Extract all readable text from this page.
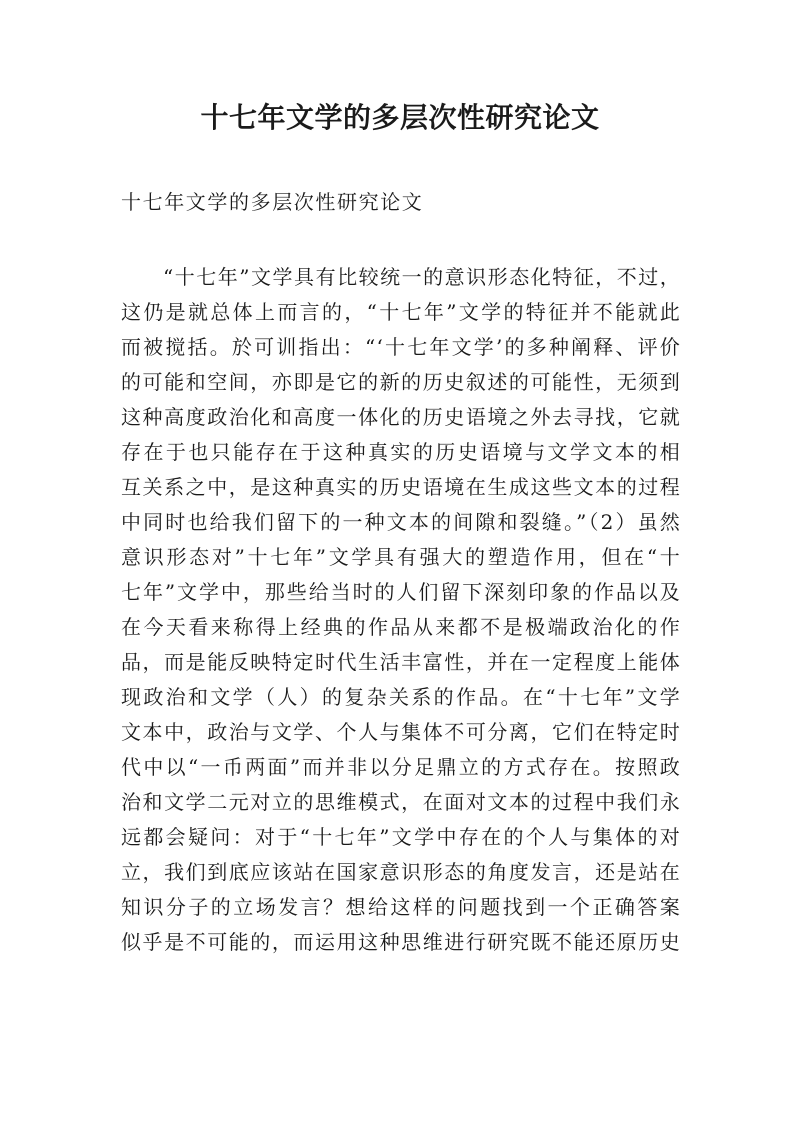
十七年文学的多层次性研究论文

十七年文学的多层次性研究论文

“十七年”文学具有比较统一的意识形态化特征，不过，
这仍是就总体上而言的，“十七年”文学的特征并不能就此
而被搅括。於可训指出：“‘十七年文学’的多种阐释、评价
的可能和空间，亦即是它的新的历史叙述的可能性，无须到
这种高度政治化和高度一体化的历史语境之外去寻找，它就
存在于也只能存在于这种真实的历史语境与文学文本的相
互关系之中，是这种真实的历史语境在生成这些文本的过程
中同时也给我们留下的一种文本的间隙和裂缝。”（2）虽然
意识形态对”十七年”文学具有强大的塑造作用，但在“十
七年”文学中，那些给当时的人们留下深刻印象的作品以及
在今天看来称得上经典的作品从来都不是极端政治化的作
品，而是能反映特定时代生活丰富性，并在一定程度上能体
现政治和文学（人）的复杂关系的作品。在“十七年”文学
文本中，政治与文学、个人与集体不可分离，它们在特定时
代中以“一币两面”而并非以分足鼎立的方式存在。按照政
治和文学二元对立的思维模式，在面对文本的过程中我们永
远都会疑问：对于“十七年”文学中存在的个人与集体的对
立，我们到底应该站在国家意识形态的角度发言，还是站在
知识分子的立场发言？想给这样的问题找到一个正确答案
似乎是不可能的，而运用这种思维进行研究既不能还原历史
